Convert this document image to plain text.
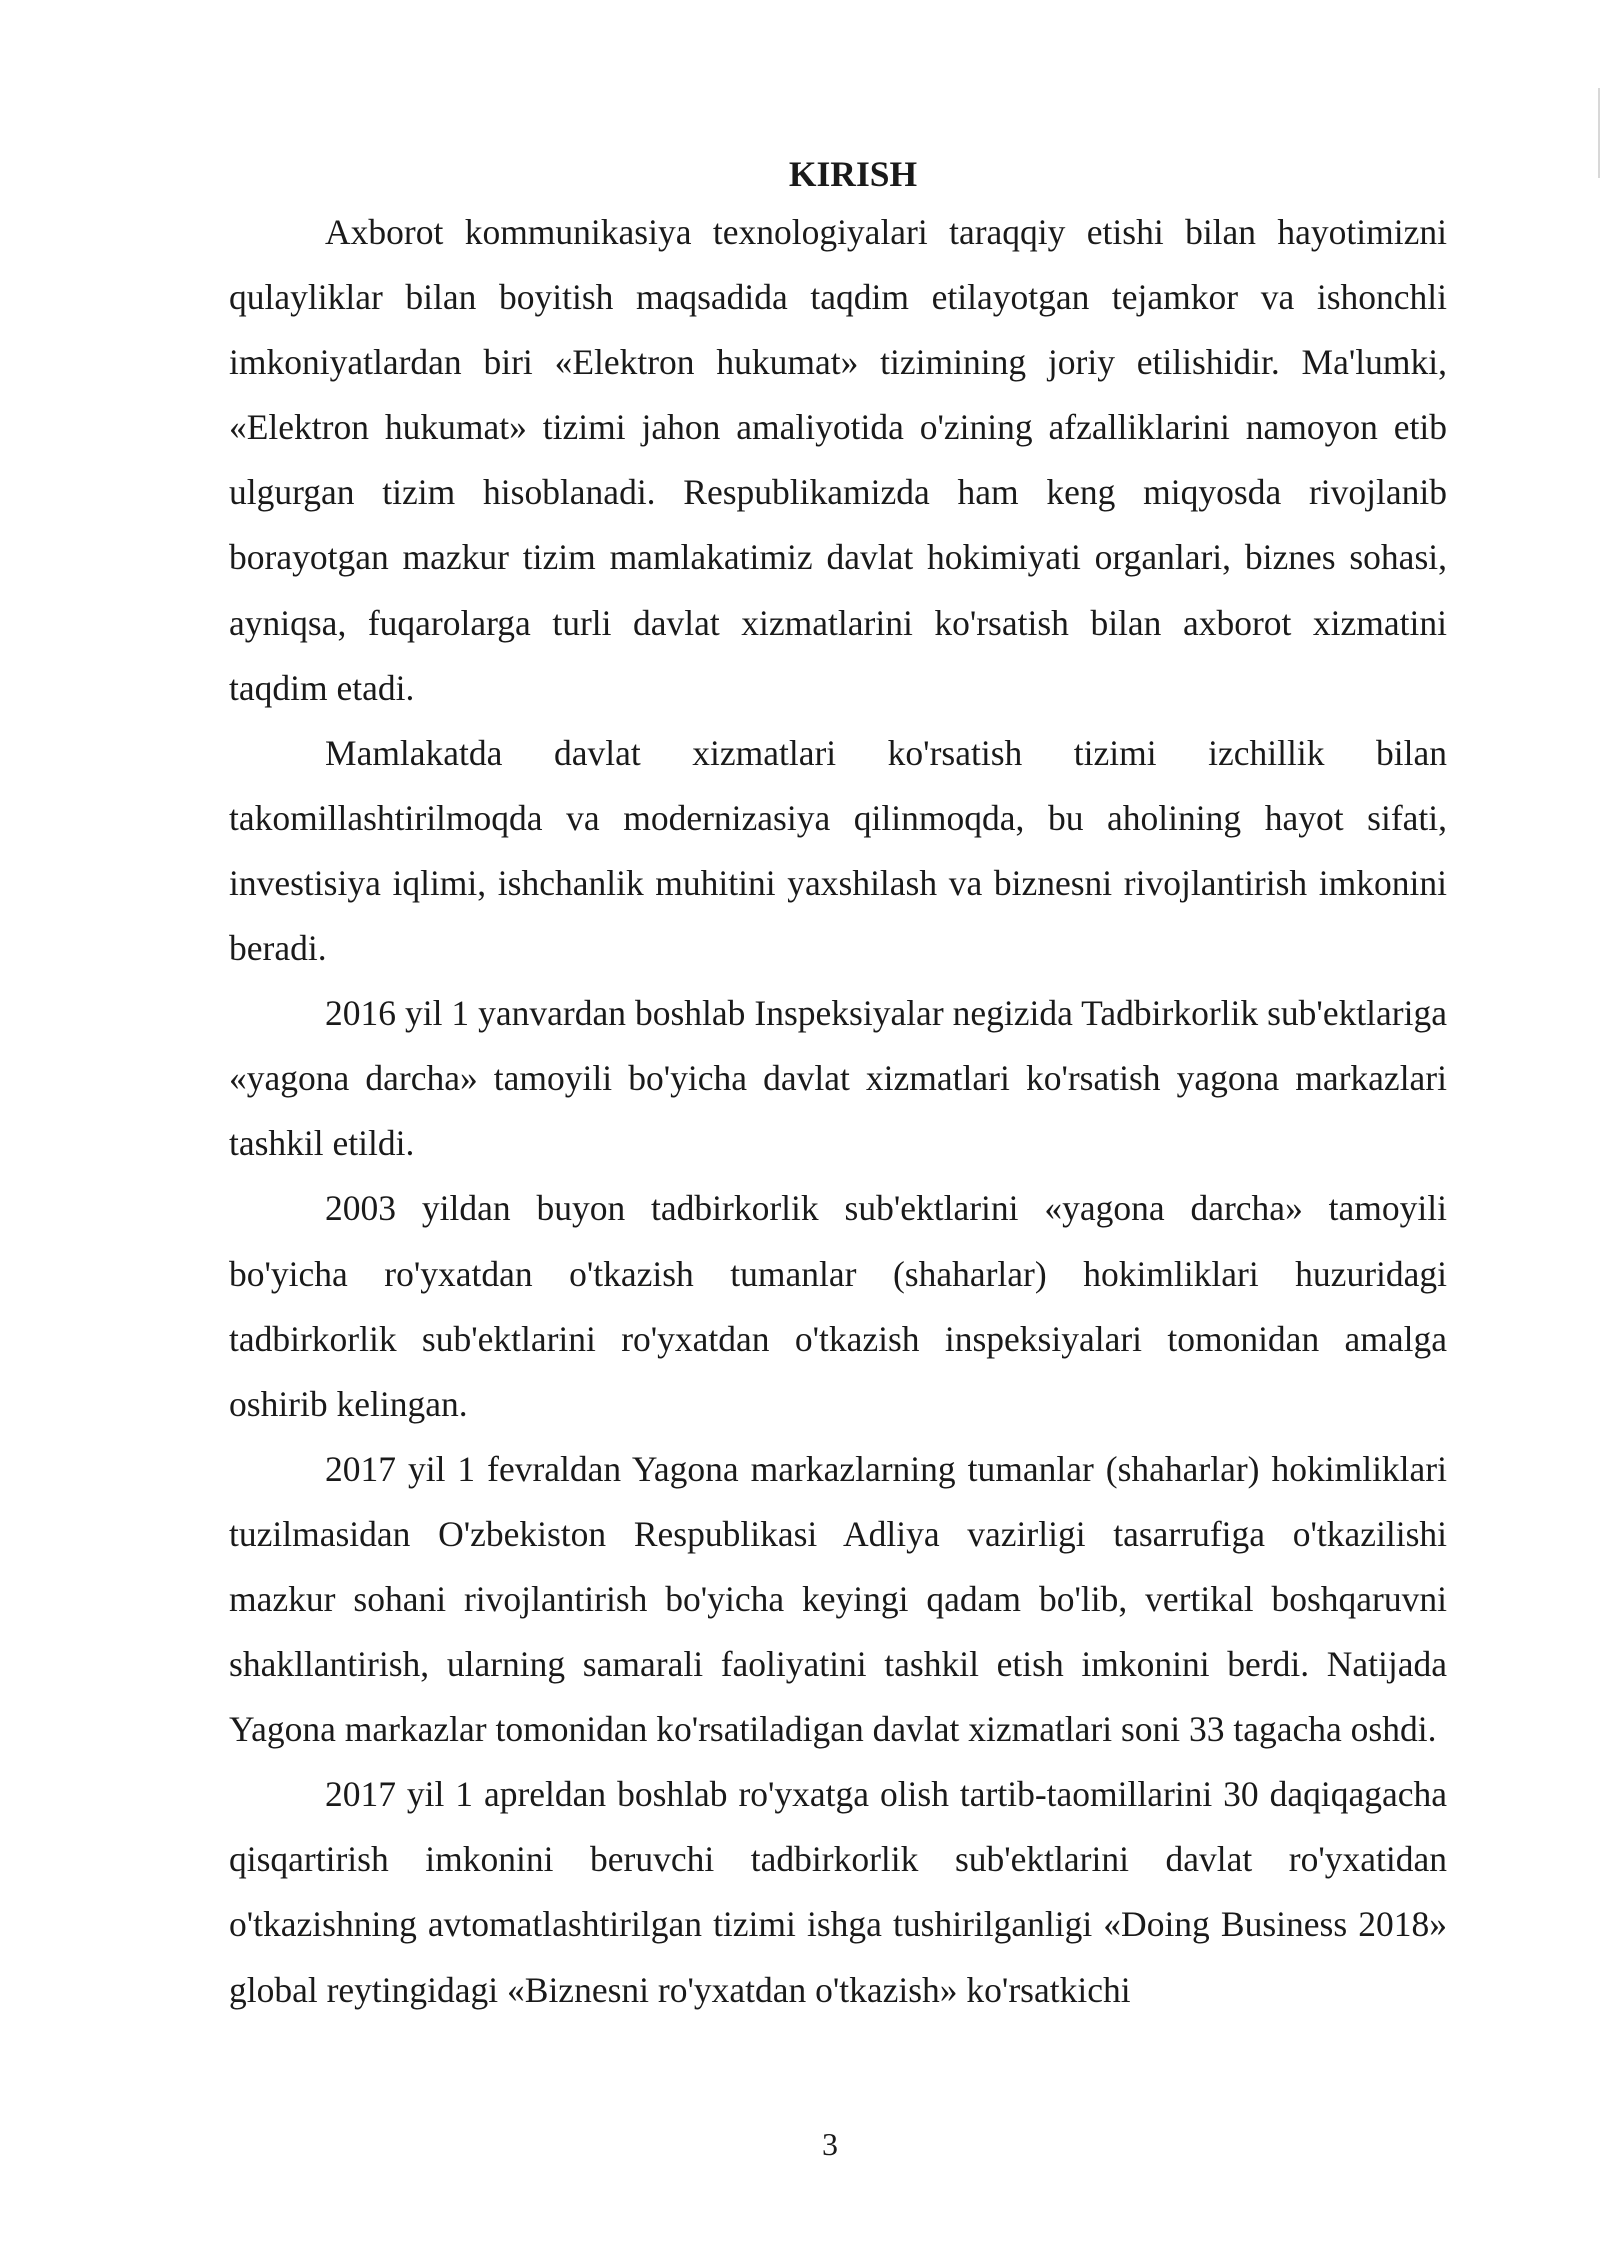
KIRISH

Axborot kommunikasiya texnologiyalari taraqqiy etishi bilan hayotimizni qulayliklar bilan boyitish maqsadida taqdim etilayotgan tejamkor va ishonchli imkoniyatlardan biri «Elektron hukumat» tizimining joriy etilishidir. Ma'lumki, «Elektron hukumat» tizimi jahon amaliyotida o'zining afzalliklarini namoyon etib ulgurgan tizim hisoblanadi. Respublikamizda ham keng miqyosda rivojlanib borayotgan mazkur tizim mamlakatimiz davlat hokimiyati organlari, biznes sohasi, ayniqsa, fuqarolarga turli davlat xizmatlarini ko'rsatish bilan axborot xizmatini taqdim etadi.

Mamlakatda davlat xizmatlari ko'rsatish tizimi izchillik bilan takomillashtirilmoqda va modernizasiya qilinmoqda, bu aholining hayot sifati, investisiya iqlimi, ishchanlik muhitini yaxshilash va biznesni rivojlantirish imkonini beradi.

2016 yil 1 yanvardan boshlab Inspeksiyalar negizida Tadbirkorlik sub'ektlariga «yagona darcha» tamoyili bo'yicha davlat xizmatlari ko'rsatish yagona markazlari tashkil etildi.

2003 yildan buyon tadbirkorlik sub'ektlarini «yagona darcha» tamoyili bo'yicha ro'yxatdan o'tkazish tumanlar (shaharlar) hokimliklari huzuridagi tadbirkorlik sub'ektlarini ro'yxatdan o'tkazish inspeksiyalari tomonidan amalga oshirib kelingan.

2017 yil 1 fevraldan Yagona markazlarning tumanlar (shaharlar) hokimliklari tuzilmasidan O'zbekiston Respublikasi Adliya vazirligi tasarrufiga o'tkazilishi mazkur sohani rivojlantirish bo'yicha keyingi qadam bo'lib, vertikal boshqaruvni shakllantirish, ularning samarali faoliyatini tashkil etish imkonini berdi. Natijada Yagona markazlar tomonidan ko'rsatiladigan davlat xizmatlari soni 33 tagacha oshdi.

2017 yil 1 apreldan boshlab ro'yxatga olish tartib-taomillarini 30 daqiqagacha qisqartirish imkonini beruvchi tadbirkorlik sub'ektlarini davlat ro'yxatidan o'tkazishning avtomatlashtirilgan tizimi ishga tushirilganligi «Doing Business 2018» global reytingidagi «Biznesni ro'yxatdan o'tkazish» ko'rsatkichi

3
